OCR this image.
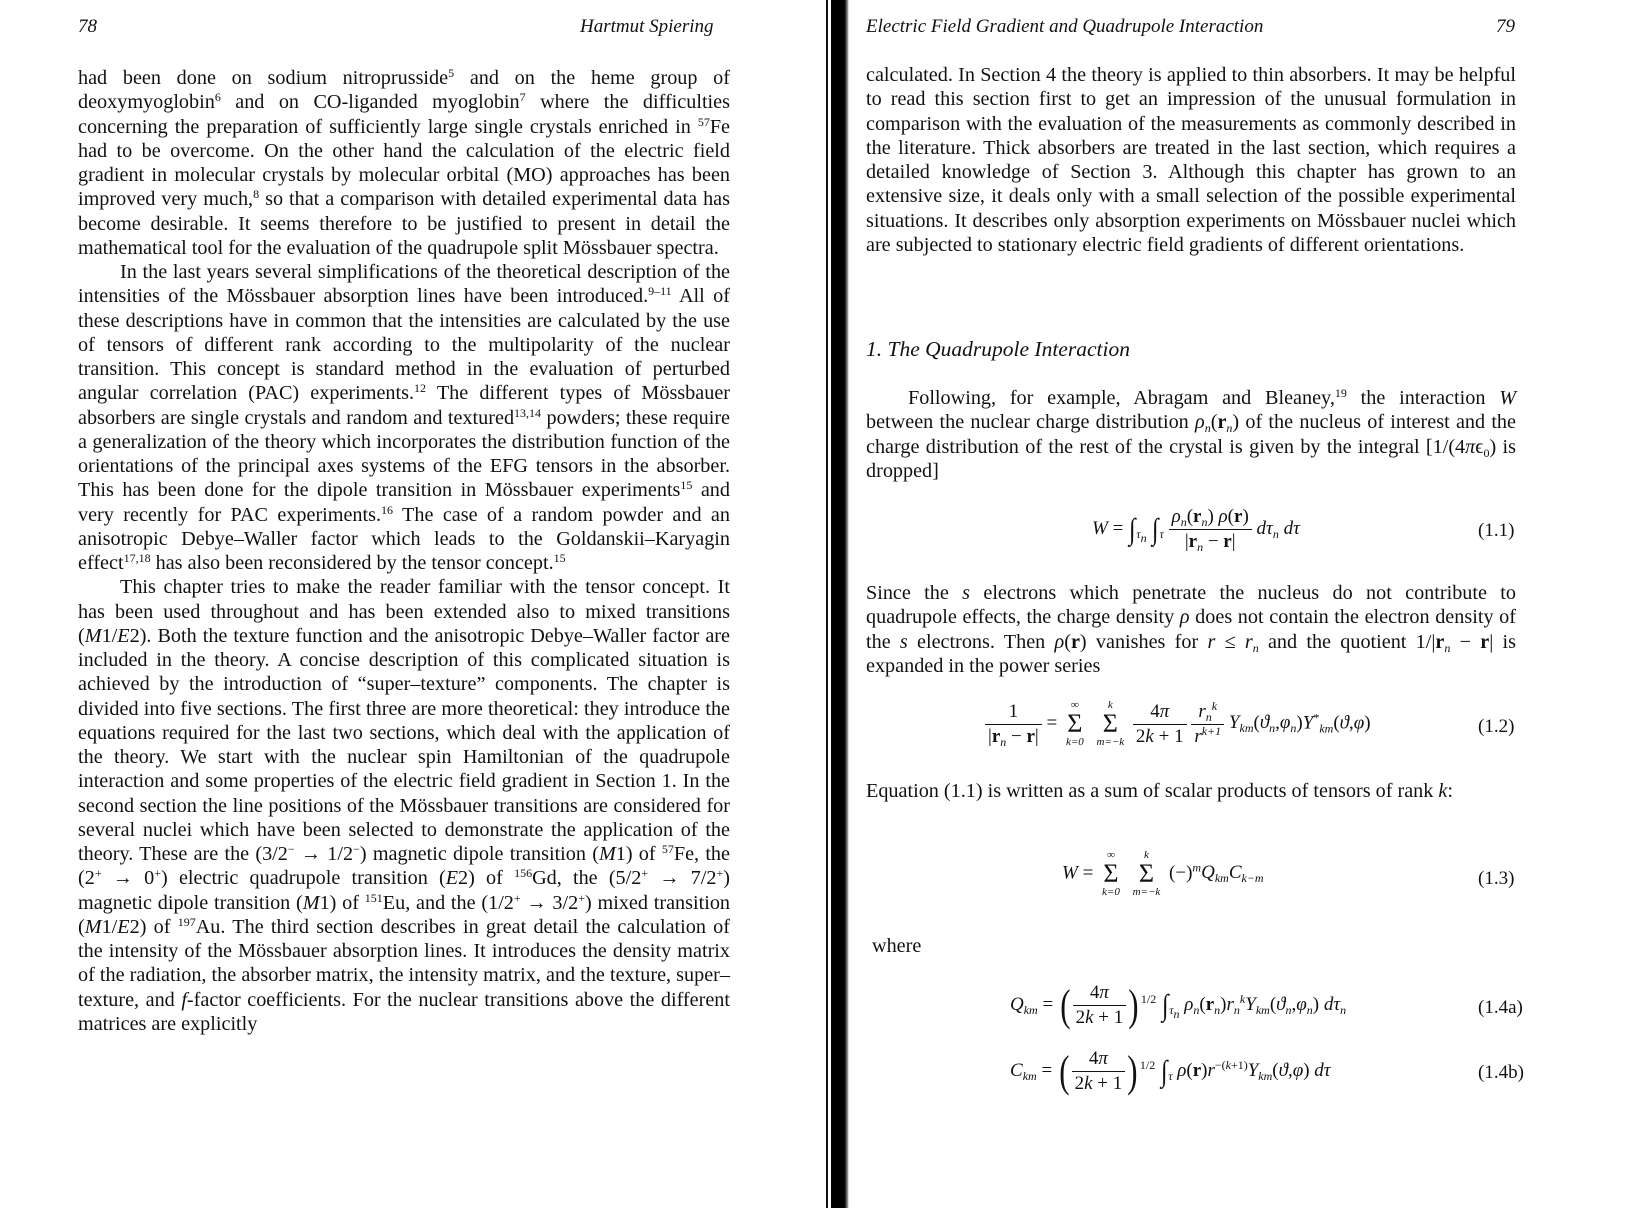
78	Hartmut Spiering

had been done on sodium nitroprusside$^5$ and on the heme group of deoxymyoglobin$^6$ and on CO-liganded myoglobin$^7$ where the difficulties concerning the preparation of sufficiently large single crystals enriched in $^{57}$Fe had to be overcome. On the other hand the calculation of the electric field gradient in molecular crystals by molecular orbital (MO) approaches has been improved very much,$^8$ so that a comparison with detailed experimental data has become desirable. It seems therefore to be justified to present in detail the mathematical tool for the evaluation of the quadrupole split Mössbauer spectra.

In the last years several simplifications of the theoretical description of the intensities of the Mössbauer absorption lines have been introduced.$^{9-11}$ All of these descriptions have in common that the intensities are calculated by the use of tensors of different rank according to the multipolarity of the nuclear transition. This concept is standard method in the evaluation of perturbed angular correlation (PAC) experiments.$^{12}$ The different types of Mössbauer absorbers are single crystals and random and textured$^{13,14}$ powders; these require a generalization of the theory which incorporates the distribution function of the orientations of the principal axes systems of the EFG tensors in the absorber. This has been done for the dipole transition in Mössbauer experiments$^{15}$ and very recently for PAC experiments.$^{16}$ The case of a random powder and an anisotropic Debye–Waller factor which leads to the Goldanskii–Karyagin effect$^{17,18}$ has also been reconsidered by the tensor concept.$^{15}$

This chapter tries to make the reader familiar with the tensor concept. It has been used throughout and has been extended also to mixed transitions (M1/E2). Both the texture function and the anisotropic Debye–Waller factor are included in the theory. A concise description of this complicated situation is achieved by the introduction of “super–texture” components. The chapter is divided into five sections. The first three are more theoretical: they introduce the equations required for the last two sections, which deal with the application of the theory. We start with the nuclear spin Hamiltonian of the quadrupole interaction and some properties of the electric field gradient in Section 1. In the second section the line positions of the Mössbauer transitions are considered for several nuclei which have been selected to demonstrate the application of the theory. These are the (3/2− → 1/2−) magnetic dipole transition (M1) of $^{57}$Fe, the (2+ → 0+) electric quadrupole transition (E2) of $^{156}$Gd, the (5/2+ → 7/2+) magnetic dipole transition (M1) of $^{151}$Eu, and the (1/2+ → 3/2+) mixed transition (M1/E2) of $^{197}$Au. The third section describes in great detail the calculation of the intensity of the Mössbauer absorption lines. It introduces the density matrix of the radiation, the absorber matrix, the intensity matrix, and the texture, super–texture, and f-factor coefficients. For the nuclear transitions above the different matrices are explicitly

Electric Field Gradient and Quadrupole Interaction	79
calculated. In Section 4 the theory is applied to thin absorbers. It may be helpful to read this section first to get an impression of the unusual formulation in comparison with the evaluation of the measurements as commonly described in the literature. Thick absorbers are treated in the last section, which requires a detailed knowledge of Section 3. Although this chapter has grown to an extensive size, it deals only with a small selection of the possible experimental situations. It describes only absorption experiments on Mössbauer nuclei which are subjected to stationary electric field gradients of different orientations.
1. The Quadrupole Interaction

Following, for example, Abragam and Bleaney,$^{19}$ the interaction W between the nuclear charge distribution $\rho_n(r_n)$ of the nucleus of interest and the charge distribution of the rest of the crystal is given by the integral [$1/(4\pi\epsilon_0)$ is dropped]

$W = \int_{\tau_n}$ $\int_\tau \frac{\rho_n(r_n) \rho(r)}{|r_n - r|} d\tau_n$ dτ	(1.1)

Since the s electrons which penetrate the nucleus do not contribute to quadrupole effects, the charge density ρ does not contain the electron density of the s electrons. Then ρ(r) vanishes for $r \le r_n$ and the quotient $1/|r_n - r|$ is expanded in the power series

$\frac{1}{|r_n - r|}$ =
∞
Σ
k=0

k
Σ
m=−k
$\frac{4\pi}{2k + 1}$
$\frac{r_n^k}{r^{k+1}} Y_{km}(ϑ_n,\varphi_n)Y^*_{km}(ϑ,\varphi)$	(1.2)

Equation (1.1) is written as a sum of scalar products of tensors of rank k:

W =
∞
Σ
k=0

k
Σ
m=−k
$(-)^mQ_{km}C_{k-m}$	(1.3)
where
$Q_{km}$ = ( $\frac{4\pi}{2k + 1}$ ) $^{1/2}$ $\int_{\tau_n}$ $\rho_n(r_n)r_n^kY_{km}(ϑ_n,\varphi_n)$ $d\tau_n$	(1.4a)
$C_{km}$ = ( $\frac{4\pi}{2k + 1}$ ) $^{1/2}$ $\int_\tau$ $\rho(r)r^{-(k+1)}Y_{km}(ϑ,\varphi)$ dτ	(1.4b)
